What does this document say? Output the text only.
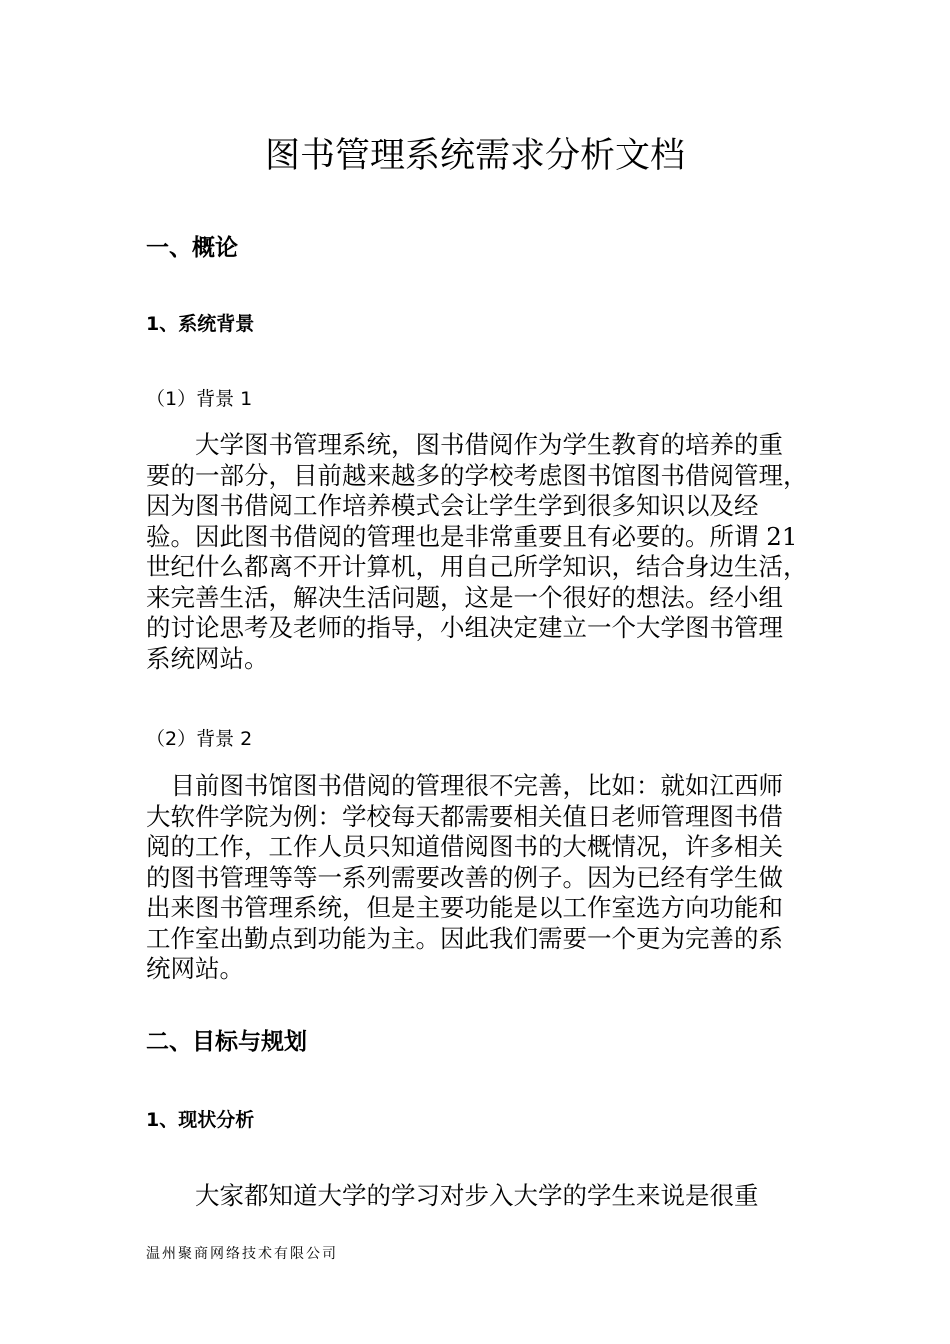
图书管理系统需求分析文档
一、概论
1、系统背景
（1）背景 1
　　大学图书管理系统，图书借阅作为学生教育的培养的重
要的一部分，目前越来越多的学校考虑图书馆图书借阅管理，
因为图书借阅工作培养模式会让学生学到很多知识以及经
验。因此图书借阅的管理也是非常重要且有必要的。所谓 21
世纪什么都离不开计算机，用自己所学知识，结合身边生活，
来完善生活，解决生活问题，这是一个很好的想法。经小组
的讨论思考及老师的指导，小组决定建立一个大学图书管理
系统网站。
（2）背景 2
　目前图书馆图书借阅的管理很不完善，比如：就如江西师
大软件学院为例：学校每天都需要相关值日老师管理图书借
阅的工作，工作人员只知道借阅图书的大概情况，许多相关
的图书管理等等一系列需要改善的例子。因为已经有学生做
出来图书管理系统，但是主要功能是以工作室选方向功能和
工作室出勤点到功能为主。因此我们需要一个更为完善的系
统网站。
二、目标与规划
1、现状分析
　　大家都知道大学的学习对步入大学的学生来说是很重
温州聚商网络技术有限公司
